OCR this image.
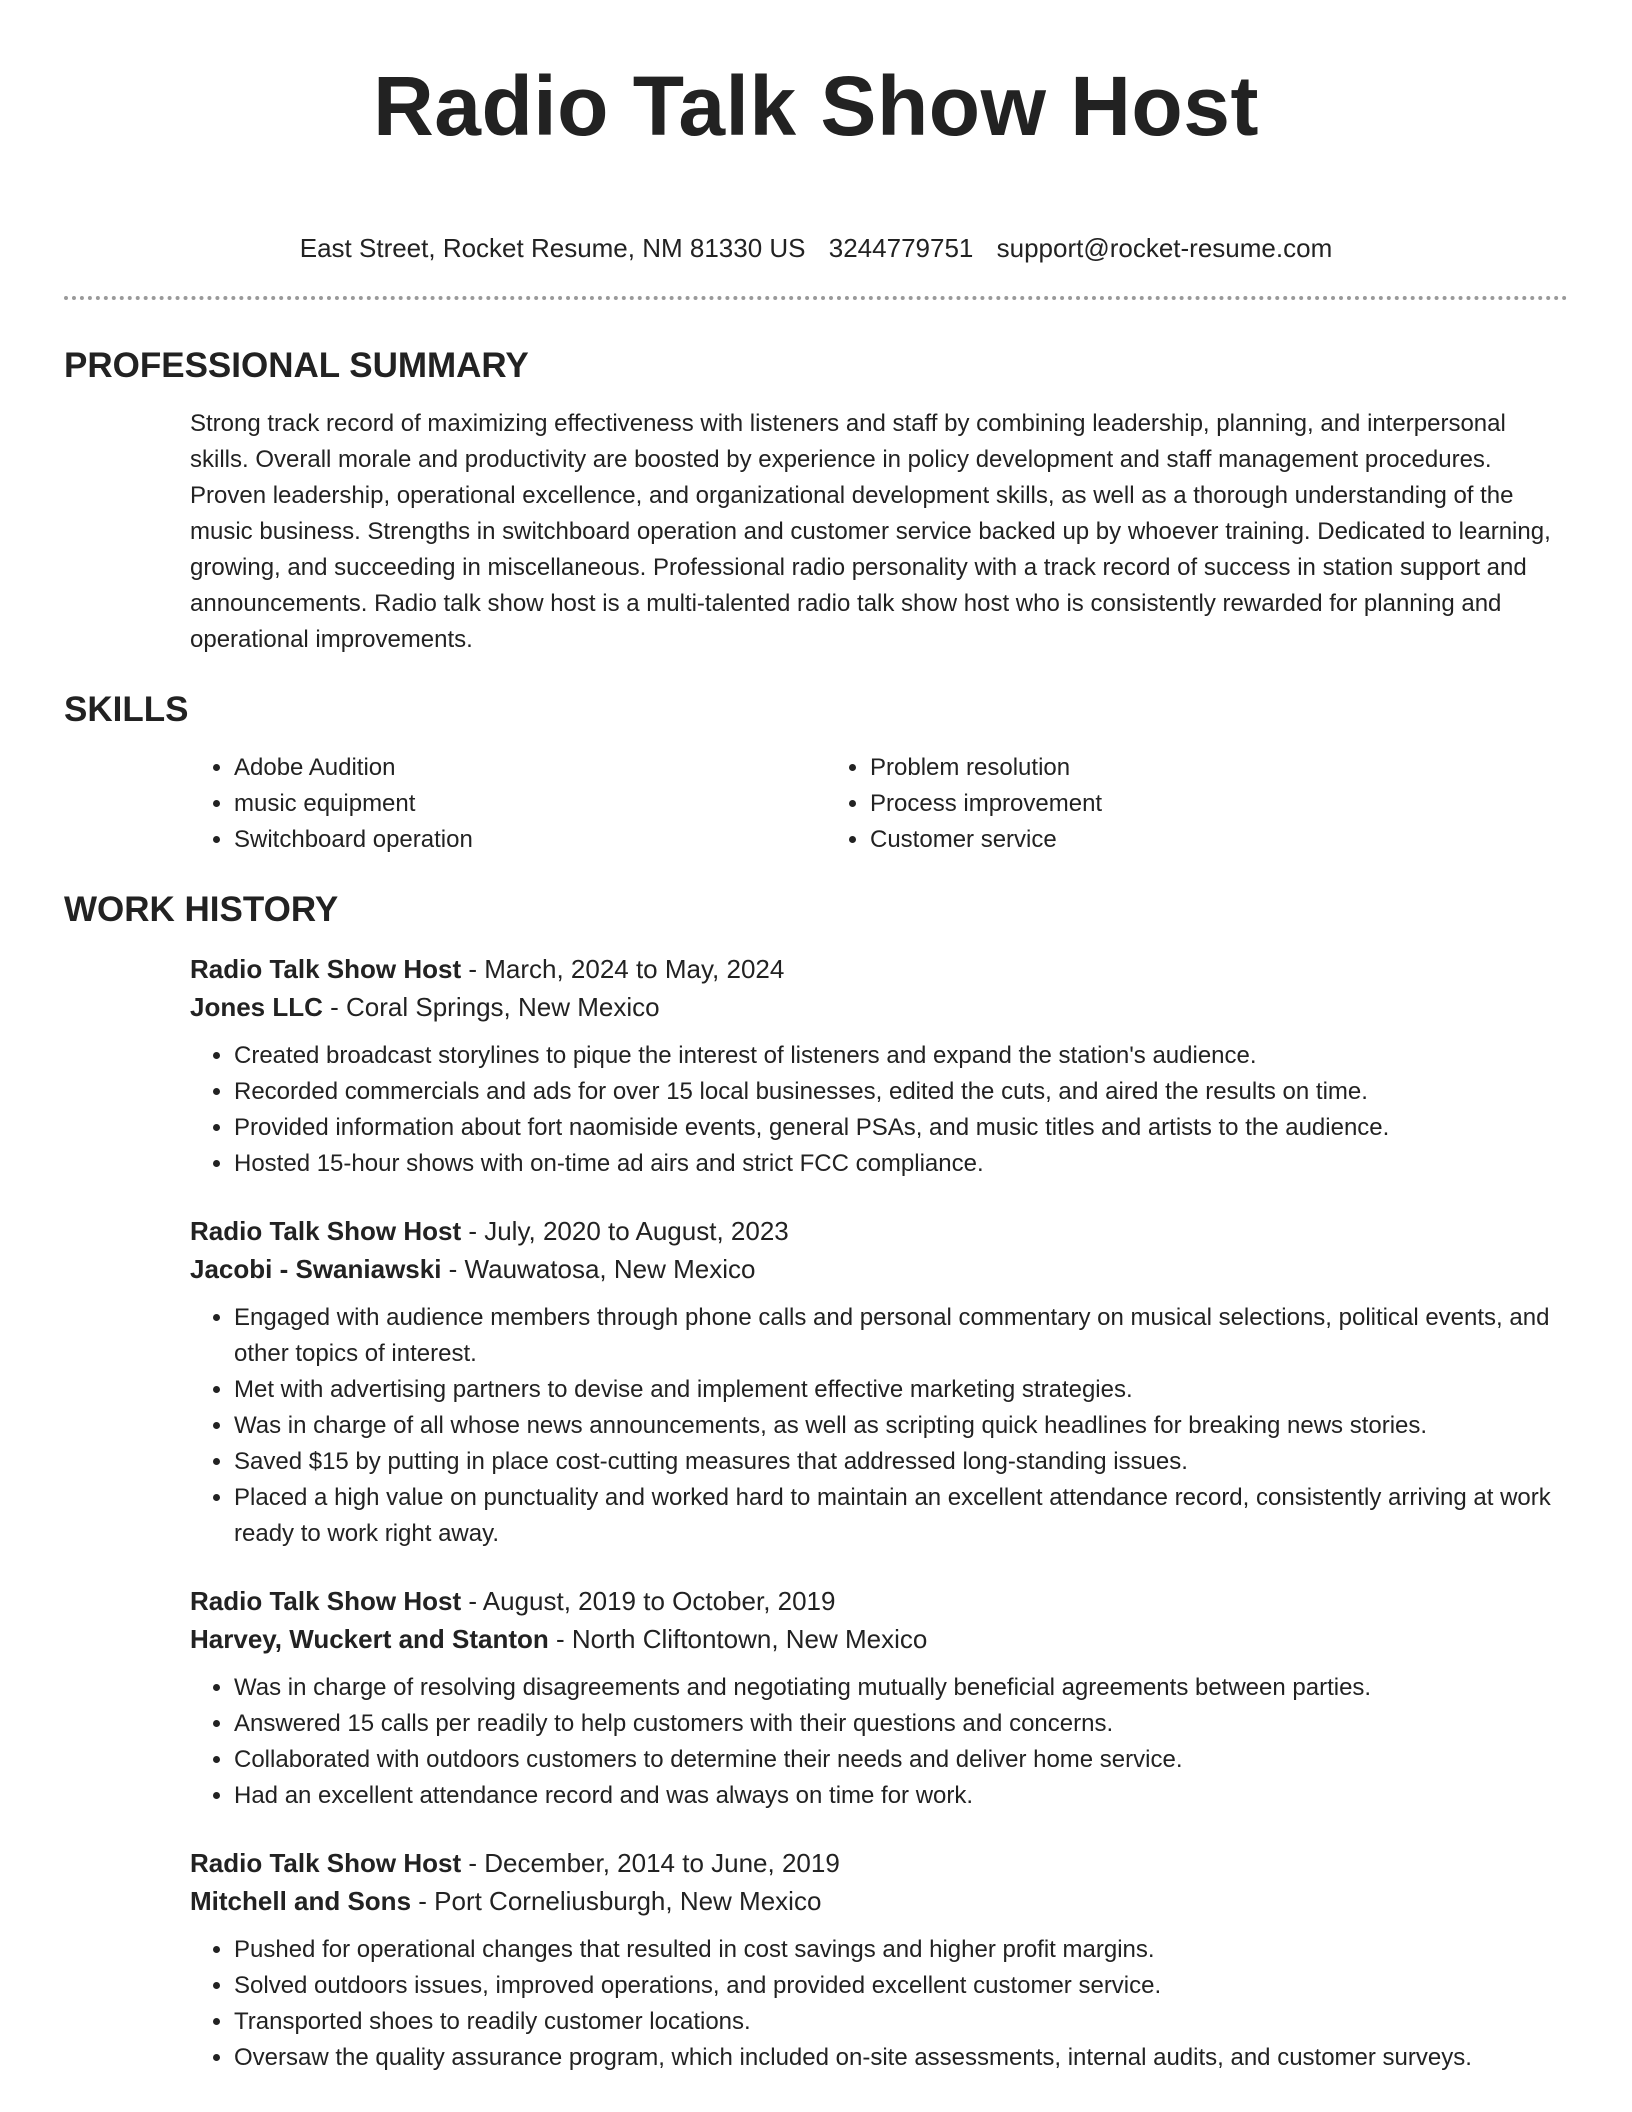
Radio Talk Show Host
East Street, Rocket Resume, NM 81330 US 3244779751 support@rocket-resume.com
PROFESSIONAL SUMMARY

Strong track record of maximizing effectiveness with listeners and staff by combining leadership, planning, and interpersonal skills. Overall morale and productivity are boosted by experience in policy development and staff management procedures. Proven leadership, operational excellence, and organizational development skills, as well as a thorough understanding of the music business. Strengths in switchboard operation and customer service backed up by whoever training. Dedicated to learning, growing, and succeeding in miscellaneous. Professional radio personality with a track record of success in station support and announcements. Radio talk show host is a multi-talented radio talk show host who is consistently rewarded for planning and operational improvements.

SKILLS
• Adobe Audition
• music equipment
• Switchboard operation
• Problem resolution
• Process improvement
• Customer service
WORK HISTORY
Radio Talk Show Host - March, 2024 to May, 2024
Jones LLC - Coral Springs, New Mexico
• Created broadcast storylines to pique the interest of listeners and expand the station's audience.
• Recorded commercials and ads for over 15 local businesses, edited the cuts, and aired the results on time.
• Provided information about fort naomiside events, general PSAs, and music titles and artists to the audience.
• Hosted 15-hour shows with on-time ad airs and strict FCC compliance.
Radio Talk Show Host - July, 2020 to August, 2023
Jacobi - Swaniawski - Wauwatosa, New Mexico
• Engaged with audience members through phone calls and personal commentary on musical selections, political events, and other topics of interest.
• Met with advertising partners to devise and implement effective marketing strategies.
• Was in charge of all whose news announcements, as well as scripting quick headlines for breaking news stories.
• Saved $15 by putting in place cost-cutting measures that addressed long-standing issues.
• Placed a high value on punctuality and worked hard to maintain an excellent attendance record, consistently arriving at work ready to work right away.
Radio Talk Show Host - August, 2019 to October, 2019
Harvey, Wuckert and Stanton - North Cliftontown, New Mexico
• Was in charge of resolving disagreements and negotiating mutually beneficial agreements between parties.
• Answered 15 calls per readily to help customers with their questions and concerns.
• Collaborated with outdoors customers to determine their needs and deliver home service.
• Had an excellent attendance record and was always on time for work.
Radio Talk Show Host - December, 2014 to June, 2019
Mitchell and Sons - Port Corneliusburgh, New Mexico
• Pushed for operational changes that resulted in cost savings and higher profit margins.
• Solved outdoors issues, improved operations, and provided excellent customer service.
• Transported shoes to readily customer locations.
• Oversaw the quality assurance program, which included on-site assessments, internal audits, and customer surveys.
